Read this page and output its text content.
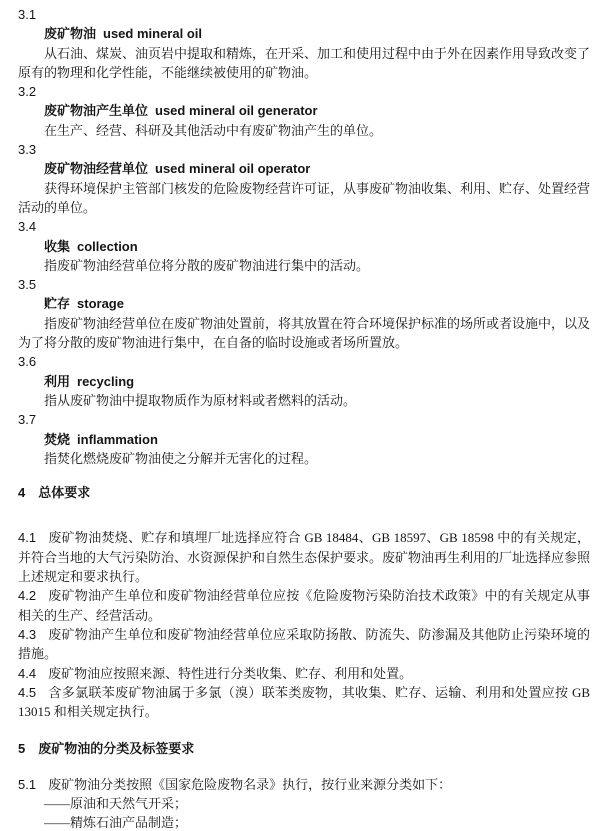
3.1

废矿物油 used mineral oil

从石油、煤炭、油页岩中提取和精炼，在开采、加工和使用过程中由于外在因素作用导致改变了原有的物理和化学性能，不能继续被使用的矿物油。

3.2

废矿物油产生单位 used mineral oil generator

在生产、经营、科研及其他活动中有废矿物油产生的单位。

3.3

废矿物油经营单位 used mineral oil operator

获得环境保护主管部门核发的危险废物经营许可证，从事废矿物油收集、利用、贮存、处置经营活动的单位。

3.4

收集 collection

指废矿物油经营单位将分散的废矿物油进行集中的活动。

3.5

贮存 storage

指废矿物油经营单位在废矿物油处置前，将其放置在符合环境保护标准的场所或者设施中，以及为了将分散的废矿物油进行集中，在自备的临时设施或者场所置放。

3.6

利用 recycling

指从废矿物油中提取物质作为原材料或者燃料的活动。

3.7

焚烧 inflammation

指焚化燃烧废矿物油使之分解并无害化的过程。

4 总体要求

4.1 废矿物油焚烧、贮存和填埋厂址选择应符合 GB 18484、GB 18597、GB 18598 中的有关规定，并符合当地的大气污染防治、水资源保护和自然生态保护要求。废矿物油再生利用的厂址选择应参照上述规定和要求执行。

4.2 废矿物油产生单位和废矿物油经营单位应按《危险废物污染防治技术政策》中的有关规定从事相关的生产、经营活动。

4.3 废矿物油产生单位和废矿物油经营单位应采取防扬散、防流失、防渗漏及其他防止污染环境的措施。

4.4 废矿物油应按照来源、特性进行分类收集、贮存、利用和处置。

4.5 含多氯联苯废矿物油属于多氯（溴）联苯类废物，其收集、贮存、运输、利用和处置应按 GB 13015 和相关规定执行。

5 废矿物油的分类及标签要求

5.1 废矿物油分类按照《国家危险废物名录》执行，按行业来源分类如下：

——原油和天然气开采；

——精炼石油产品制造；
